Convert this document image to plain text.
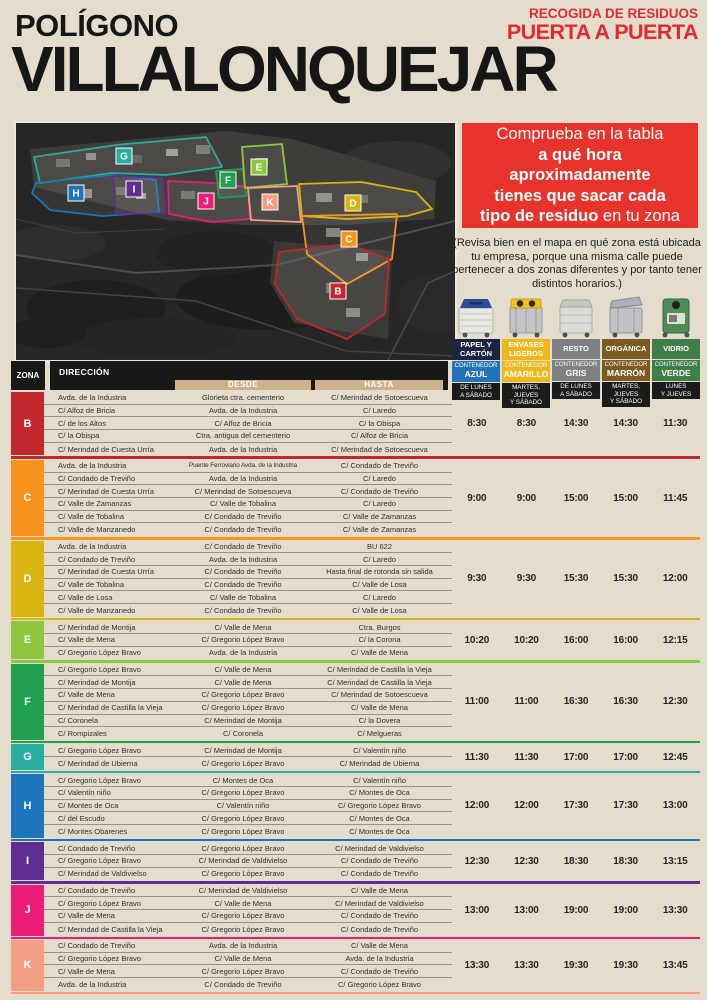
POLÍGONO
VILLALONQUEJAR
RECOGIDA DE RESIDUOS
PUERTA A PUERTA
G
H	I
J
F
E
K	D
C
B
Comprueba en la tabla
a qué hora
aproximadamente
tienes que sacar cada
tipo de residuo en tu zona
(Revisa bien en el mapa en qué zona está ubicada tu empresa, porque una misma calle puede pertenecer a dos zonas diferentes y por tanto tener distintos horarios.)
PAPEL Y CARTÓN
CONTENEDOR
AZUL
DE LUNES
A SÁBADO
ENVASES LIGEROS
CONTENEDOR
AMARILLO
MARTES, JUEVES
Y SÁBADO
RESTO
CONTENEDOR
GRIS
DE LUNES
A SÁBADO
ORGÁNICA
CONTENEDOR
MARRÓN
MARTES, JUEVES
Y SÁBADO
VIDRIO
CONTENEDOR
VERDE
LUNES
Y JUEVES
ZONA	DIRECCIÓN
DESDE	HASTA
B
Avda. de la Industria	Glorieta ctra. cementerio	C/ Merindad de Sotoescueva
C/ Alfoz de Bricia	Avda. de la Industria	C/ Laredo
C/ de los Altos	C/ Alfoz de Bricia	C/ la Obispa
C/ la Obispa	Ctra. antigua del cementerio	C/ Alfoz de Bricia
C/ Merindad de Cuesta Urría	Avda. de la Industria	C/ Merindad de Sotoescueva
8:30	8:30	14:30	14:30	11:30
C
Avda. de la Industria	Puente Ferroviario Avda. de la Industria	C/ Condado de Treviño
C/ Condado de Treviño	Avda. de la Industria	C/ Laredo
C/ Merindad de Cuesta Urría	C/ Merindad de Sotoescueva	C/ Condado de Treviño
C/ Valle de Zamanzas	C/ Valle de Tobalina	C/ Laredo
C/ Valle de Tobalina	C/ Condado de Treviño	C/ Valle de Zamanzas
C/ Valle de Manzanedo	C/ Condado de Treviño	C/ Valle de Zamanzas
9:00	9:00	15:00	15:00	11:45
D
Avda. de la Industria	C/ Condado de Treviño	BU 622
C/ Condado de Treviño	Avda. de la Industria	C/ Laredo
C/ Merindad de Cuesta Urría	C/ Condado de Treviño	Hasta final de rotonda sin salida
C/ Valle de Tobalina	C/ Condado de Treviño	C/ Valle de Losa
C/ Valle de Losa	C/ Valle de Tobalina	C/ Laredo
C/ Valle de Manzanedo	C/ Condado de Treviño	C/ Valle de Losa
9:30	9:30	15:30	15:30	12:00
E
C/ Merindad de Montija	C/ Valle de Mena	Ctra. Burgos
C/ Valle de Mena	C/ Gregorio López Bravo	C/ la Corona
C/ Gregorio López Bravo	Avda. de la Industria	C/ Valle de Mena
10:20	10:20	16:00	16:00	12:15
F
C/ Gregorio López Bravo	C/ Valle de Mena	C/ Merindad de Castilla la Vieja
C/ Merindad de Montija	C/ Valle de Mena	C/ Merindad de Castilla la Vieja
C/ Valle de Mena	C/ Gregorio López Bravo	C/ Merindad de Sotoescueva
C/ Merindad de Castilla la Vieja	C/ Gregorio López Bravo	C/ Valle de Mena
C/ Coronela	C/ Merindad de Montija	C/ la Dovera
C/ Rompizales	C/ Coronela	C/ Melgueras
11:00	11:00	16:30	16:30	12:30
G
C/ Gregorio López Bravo	C/ Merindad de Montija	C/ Valentín niño
C/ Merindad de Ubierna	C/ Gregorio López Bravo	C/ Merindad de Ubierna
11:30	11:30	17:00	17:00	12:45
H
C/ Gregorio López Bravo	C/ Montes de Oca	C/ Valentín niño
C/ Valentín niño	C/ Gregorio López Bravo	C/ Montes de Oca
C/ Montes de Oca	C/ Valentín niño	C/ Gregorio López Bravo
C/ del Escudo	C/ Gregorio López Bravo	C/ Montes de Oca
C/ Montes Obarenes	C/ Gregorio López Bravo	C/ Montes de Oca
12:00	12:00	17:30	17:30	13:00
I
C/ Condado de Treviño	C/ Gregorio López Bravo	C/ Merindad de Valdivielso
C/ Gregorio López Bravo	C/ Merindad de Valdivielso	C/ Condado de Treviño
C/ Merindad de Valdivielso	C/ Gregorio López Bravo	C/ Condado de Treviño
12:30	12:30	18:30	18:30	13:15
J
C/ Condado de Treviño	C/ Merindad de Valdivielso	C/ Valle de Mena
C/ Gregorio López Bravo	C/ Valle de Mena	C/ Merindad de Valdivielso
C/ Valle de Mena	C/ Gregorio López Bravo	C/ Condado de Treviño
C/ Merindad de Castilla la Vieja	C/ Gregorio López Bravo	C/ Condado de Treviño
13:00	13:00	19:00	19:00	13:30
K
C/ Condado de Treviño	Avda. de la Industria	C/ Valle de Mena
C/ Gregorio López Bravo	C/ Valle de Mena	Avda. de la Industria
C/ Valle de Mena	C/ Gregorio López Bravo	C/ Condado de Treviño
Avda. de la Industria	C/ Condado de Treviño	C/ Gregorio López Bravo
13:30	13:30	19:30	19:30	13:45
